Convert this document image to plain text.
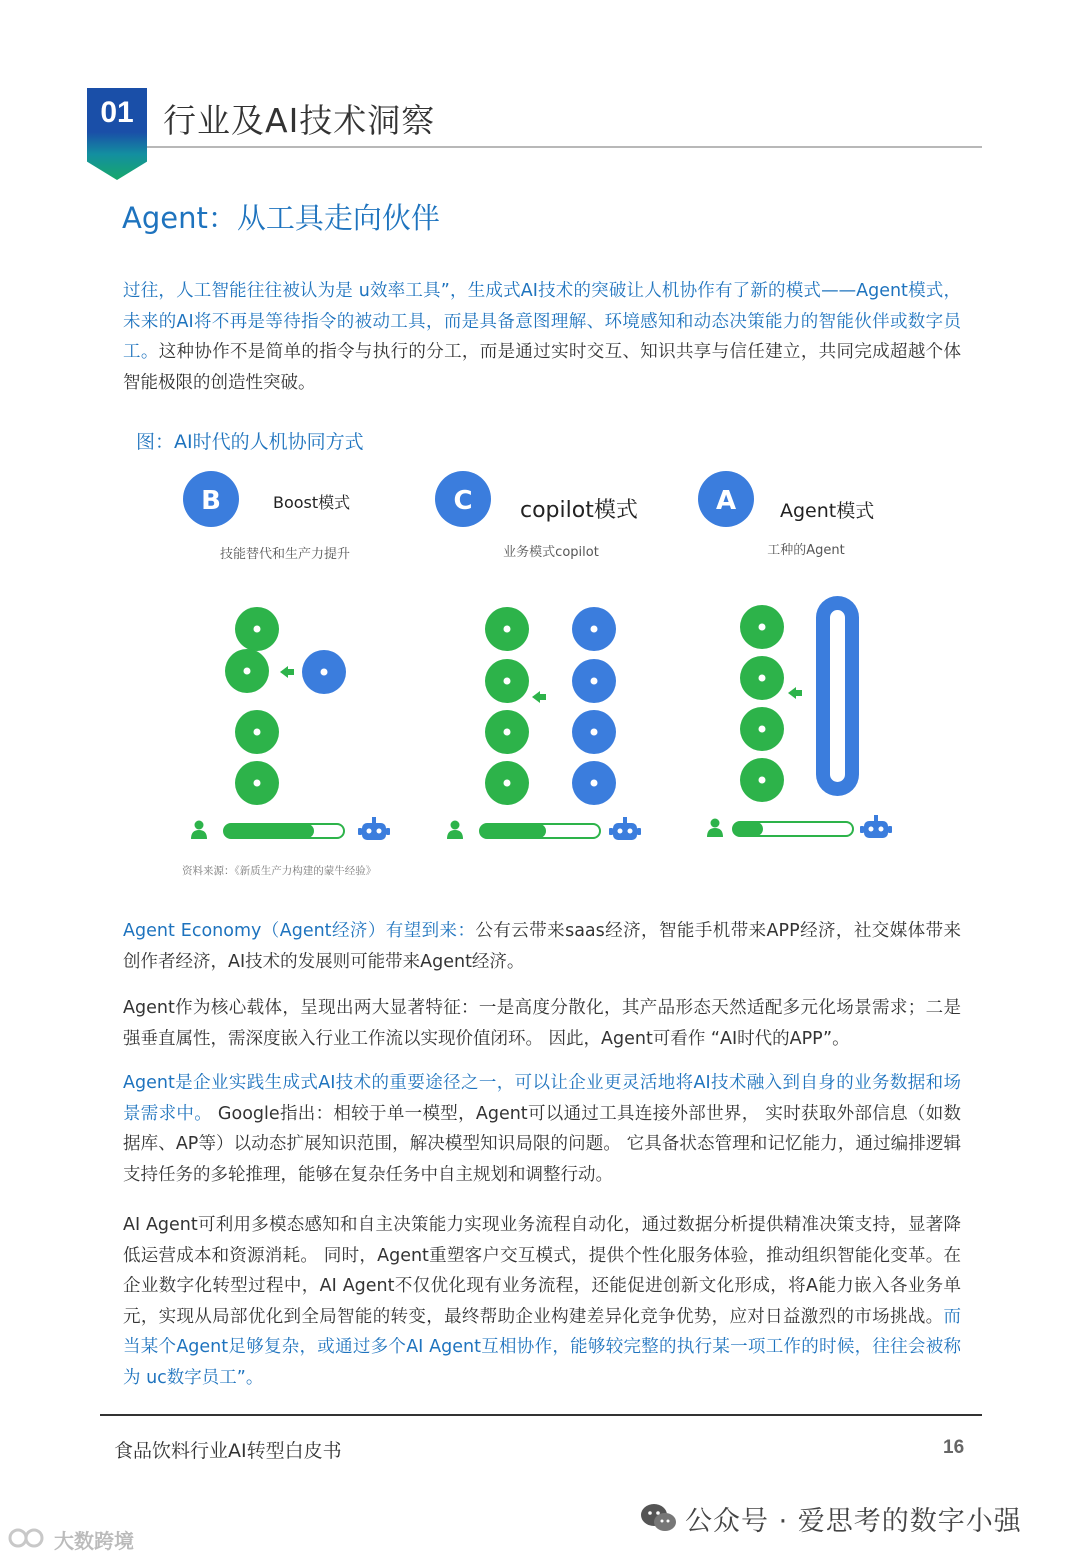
01 行业及AI技术洞察
Agent：从工具走向伙伴
过往，人工智能往往被认为是 u效率工具”，生成式AI技术的突破让人机协作有了新的模式——Agent模式，未来的AI将不再是等待指令的被动工具，而是具备意图理解、环境感知和动态决策能力的智能伙伴或数字员工。这种协作不是简单的指令与执行的分工，而是通过实时交互、知识共享与信任建立，共同完成超越个体智能极限的创造性突破。
图：AI时代的人机协同方式
B	Boost模式
技能替代和生产力提升
C copilot模式
业务模式copilot
A Agent模式
工种的Agent
资料来源：《新质生产力构建的蒙牛经验》
Agent Economy（Agent经济）有望到来：公有云带来saas经济，智能手机带来APP经济，社交媒体带来创作者经济，AI技术的发展则可能带来Agent经济。
Agent作为核心载体，呈现出两大显著特征：一是高度分散化，其产品形态天然适配多元化场景需求；二是强垂直属性，需深度嵌入行业工作流以实现价值闭环。 因此，Agent可看作 “AI时代的APP”。
Agent是企业实践生成式AI技术的重要途径之一，可以让企业更灵活地将AI技术融入到自身的业务数据和场景需求中。 Google指出：相较于单一模型，Agent可以通过工具连接外部世界， 实时获取外部信息（如数据库、AP等）以动态扩展知识范围，解决模型知识局限的问题。 它具备状态管理和记忆能力，通过编排逻辑支持任务的多轮推理，能够在复杂任务中自主规划和调整行动。
AI Agent可利用多模态感知和自主决策能力实现业务流程自动化，通过数据分析提供精准决策支持，显著降低运营成本和资源消耗。 同时，Agent重塑客户交互模式，提供个性化服务体验，推动组织智能化变革。在企业数字化转型过程中，AI Agent不仅优化现有业务流程，还能促进创新文化形成，将A能力嵌入各业务单元，实现从局部优化到全局智能的转变，最终帮助企业构建差异化竞争优势，应对日益激烈的市场挑战。而当某个Agent足够复杂，或通过多个AI Agent互相协作，能够较完整的执行某一项工作的时候，往往会被称为 uc数字员工”。
食品饮料行业AI转型白皮书	16
公众号 · 爱思考的数字小强
大数跨境
